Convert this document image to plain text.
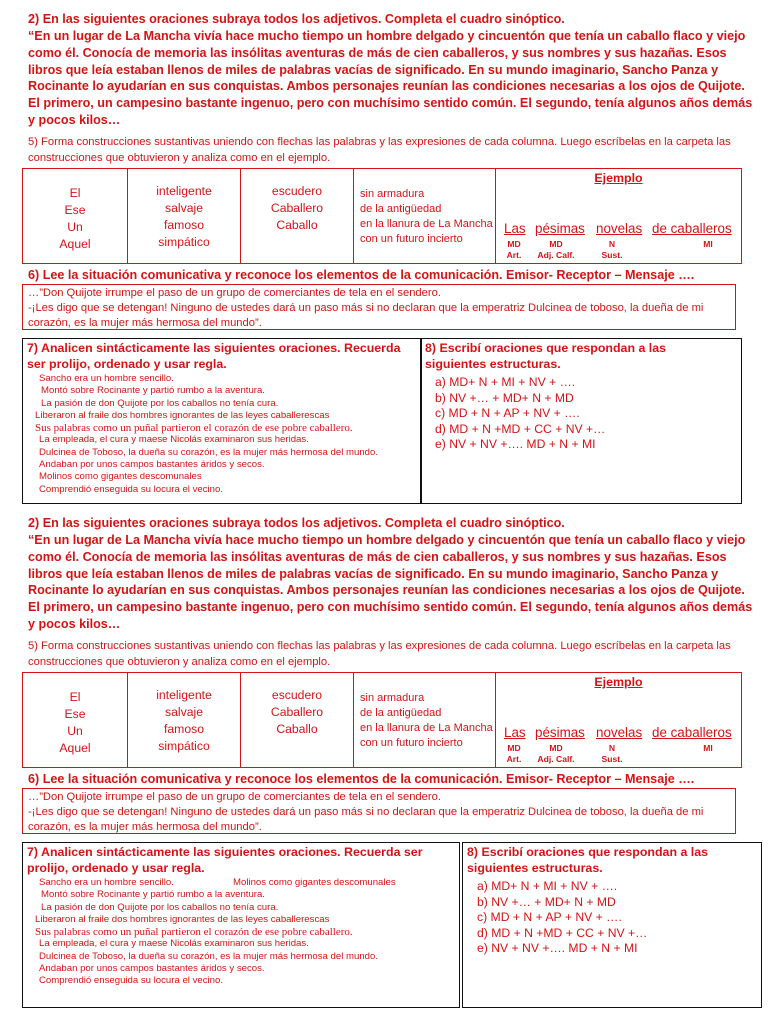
2) En las siguientes oraciones subraya todos los adjetivos. Completa el cuadro sinóptico.

“En un lugar de La Mancha vivía hace mucho tiempo un hombre delgado y cincuentón que tenía un caballo flaco y viejo como él. Conocía de memoria las insólitas aventuras de más de cien caballeros, y sus nombres y sus hazañas. Esos libros que leía estaban llenos de miles de palabras vacías de significado. En su mundo imaginario, Sancho Panza y Rocinante lo ayudarían en sus conquistas. Ambos personajes reunían las condiciones necesarias a los ojos de Quijote. El primero, un campesino bastante ingenuo, pero con muchísimo sentido común. El segundo, tenía algunos años demás y pocos kilos…

5) Forma construcciones sustantivas uniendo con flechas las palabras y las expresiones de cada columna. Luego escríbelas en la carpeta las construcciones que obtuvieron y analiza como en el ejemplo.

El
Ese
Un
Aquel
inteligente
salvaje
famoso
simpático
escudero
Caballero
Caballo
sin armadura
de la antigüedad
en la llanura de La Mancha
con un futuro incierto
Ejemplo
Las pésimas novelas de caballeros
MD
Art.
MD
Adj. Calf.
N
Sust.
MI
6) Lee la situación comunicativa y reconoce los elementos de la comunicación. Emisor- Receptor – Mensaje ….

…”Don Quijote irrumpe el paso de un grupo de comerciantes de tela en el sendero.

-¡Les digo que se detengan! Ninguno de ustedes dará un paso más si no declaran que la emperatriz Dulcinea de toboso, la dueña de mi corazón, es la mujer más hermosa del mundo”.

7) Analicen sintácticamente las siguientes oraciones. Recuerda ser prolijo, ordenado y usar regla.

Sancho era un hombre sencillo.
Montó sobre Rocinante y partió rumbo a la aventura.
La pasión de don Quijote por los caballos no tenía cura.
Liberaron al fraile dos hombres ignorantes de las leyes caballerescas
Sus palabras como un puñal partieron el corazón de ese pobre caballero.
La empleada, el cura y maese Nicolás examinaron sus heridas.
Dulcinea de Toboso, la dueña su corazón, es la mujer más hermosa del mundo.
Andaban por unos campos bastantes áridos y secos.
Molinos como gigantes descomunales
Comprendió enseguida su locura el vecino.

8) Escribí oraciones que respondan a las siguientes estructuras.

a) MD+ N + MI + NV + ….
b) NV +… + MD+ N + MD
c) MD + N + AP + NV + ….
d) MD + N +MD + CC + NV +…
e) NV + NV +…. MD + N + MI
2) En las siguientes oraciones subraya todos los adjetivos. Completa el cuadro sinóptico.

“En un lugar de La Mancha vivía hace mucho tiempo un hombre delgado y cincuentón que tenía un caballo flaco y viejo como él. Conocía de memoria las insólitas aventuras de más de cien caballeros, y sus nombres y sus hazañas. Esos libros que leía estaban llenos de miles de palabras vacías de significado. En su mundo imaginario, Sancho Panza y Rocinante lo ayudarían en sus conquistas. Ambos personajes reunían las condiciones necesarias a los ojos de Quijote. El primero, un campesino bastante ingenuo, pero con muchísimo sentido común. El segundo, tenía algunos años demás y pocos kilos…

5) Forma construcciones sustantivas uniendo con flechas las palabras y las expresiones de cada columna. Luego escríbelas en la carpeta las construcciones que obtuvieron y analiza como en el ejemplo.

El
Ese
Un
Aquel
inteligente
salvaje
famoso
simpático
escudero
Caballero
Caballo
sin armadura
de la antigüedad
en la llanura de La Mancha
con un futuro incierto
Ejemplo
Las pésimas novelas de caballeros
MD
Art.
MD
Adj. Calf.
N
Sust.
MI
6) Lee la situación comunicativa y reconoce los elementos de la comunicación. Emisor- Receptor – Mensaje ….

…”Don Quijote irrumpe el paso de un grupo de comerciantes de tela en el sendero.

-¡Les digo que se detengan! Ninguno de ustedes dará un paso más si no declaran que la emperatriz Dulcinea de toboso, la dueña de mi corazón, es la mujer más hermosa del mundo”.

7) Analicen sintácticamente las siguientes oraciones. Recuerda ser prolijo, ordenado y usar regla.

Molinos como gigantes descomunales
Sancho era un hombre sencillo.
Montó sobre Rocinante y partió rumbo a la aventura.
La pasión de don Quijote por los caballos no tenía cura.
Liberaron al fraile dos hombres ignorantes de las leyes caballerescas
Sus palabras como un puñal partieron el corazón de ese pobre caballero.
La empleada, el cura y maese Nicolás examinaron sus heridas.
Dulcinea de Toboso, la dueña su corazón, es la mujer más hermosa del mundo.
Andaban por unos campos bastantes áridos y secos.
Comprendió enseguida su locura el vecino.

8) Escribí oraciones que respondan a las siguientes estructuras.

a) MD+ N + MI + NV + ….
b) NV +… + MD+ N + MD
c) MD + N + AP + NV + ….
d) MD + N +MD + CC + NV +…
e) NV + NV +…. MD + N + MI
